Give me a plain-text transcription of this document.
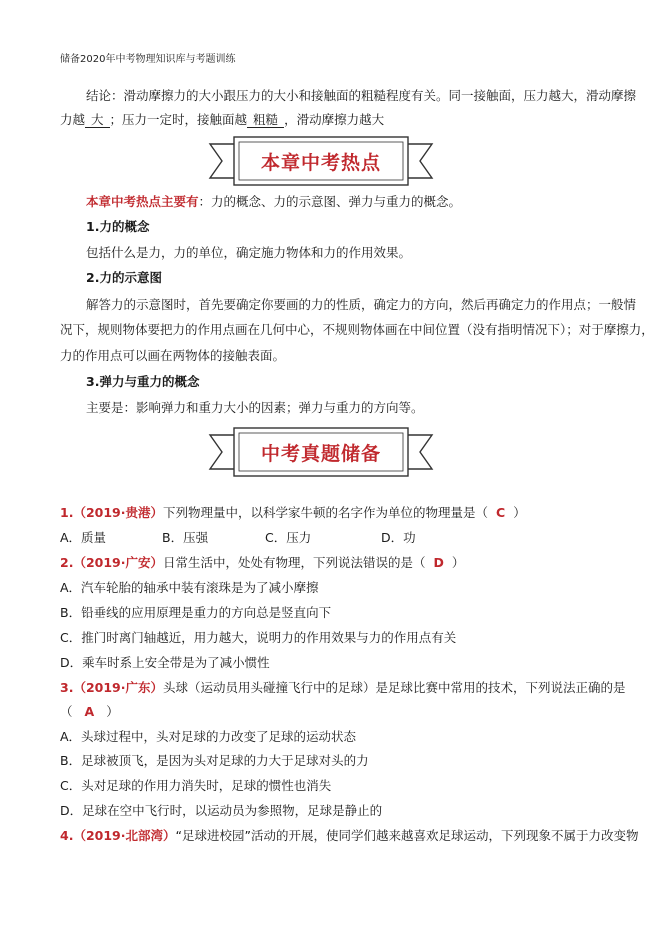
储备2020年中考物理知识库与考题训练
结论：滑动摩擦力的大小跟压力的大小和接触面的粗糙程度有关。同一接触面，压力越大，滑动摩擦
力越 大 ；压力一定时，接触面越 粗糙 ，滑动摩擦力越大
本章中考热点
本章中考热点主要有：力的概念、力的示意图、弹力与重力的概念。
1.力的概念
包括什么是力，力的单位，确定施力物体和力的作用效果。
2.力的示意图
解答力的示意图时，首先要确定你要画的力的性质，确定力的方向，然后再确定力的作用点；一般情
况下，规则物体要把力的作用点画在几何中心，不规则物体画在中间位置（没有指明情况下）；对于摩擦力，
力的作用点可以画在两物体的接触表面。
3.弹力与重力的概念
主要是：影响弹力和重力大小的因素；弹力与重力的方向等。
中考真题储备
1.（2019·贵港）下列物理量中，以科学家牛顿的名字作为单位的物理量是（ C ）
A．质量	B．压强	C．压力	D．功
2.（2019·广安）日常生活中，处处有物理，下列说法错误的是（ D ）
A．汽车轮胎的轴承中装有滚珠是为了减小摩擦
B．铅垂线的应用原理是重力的方向总是竖直向下
C．推门时离门轴越近，用力越大，说明力的作用效果与力的作用点有关
D．乘车时系上安全带是为了减小惯性
3.（2019·广东）头球（运动员用头碰撞飞行中的足球）是足球比赛中常用的技术，下列说法正确的是
（ A ）
A．头球过程中，头对足球的力改变了足球的运动状态
B．足球被顶飞，是因为头对足球的力大于足球对头的力
C．头对足球的作用力消失时，足球的惯性也消失
D．足球在空中飞行时，以运动员为参照物，足球是静止的
4.（2019·北部湾）“足球进校园”活动的开展，使同学们越来越喜欢足球运动，下列现象不属于力改变物
